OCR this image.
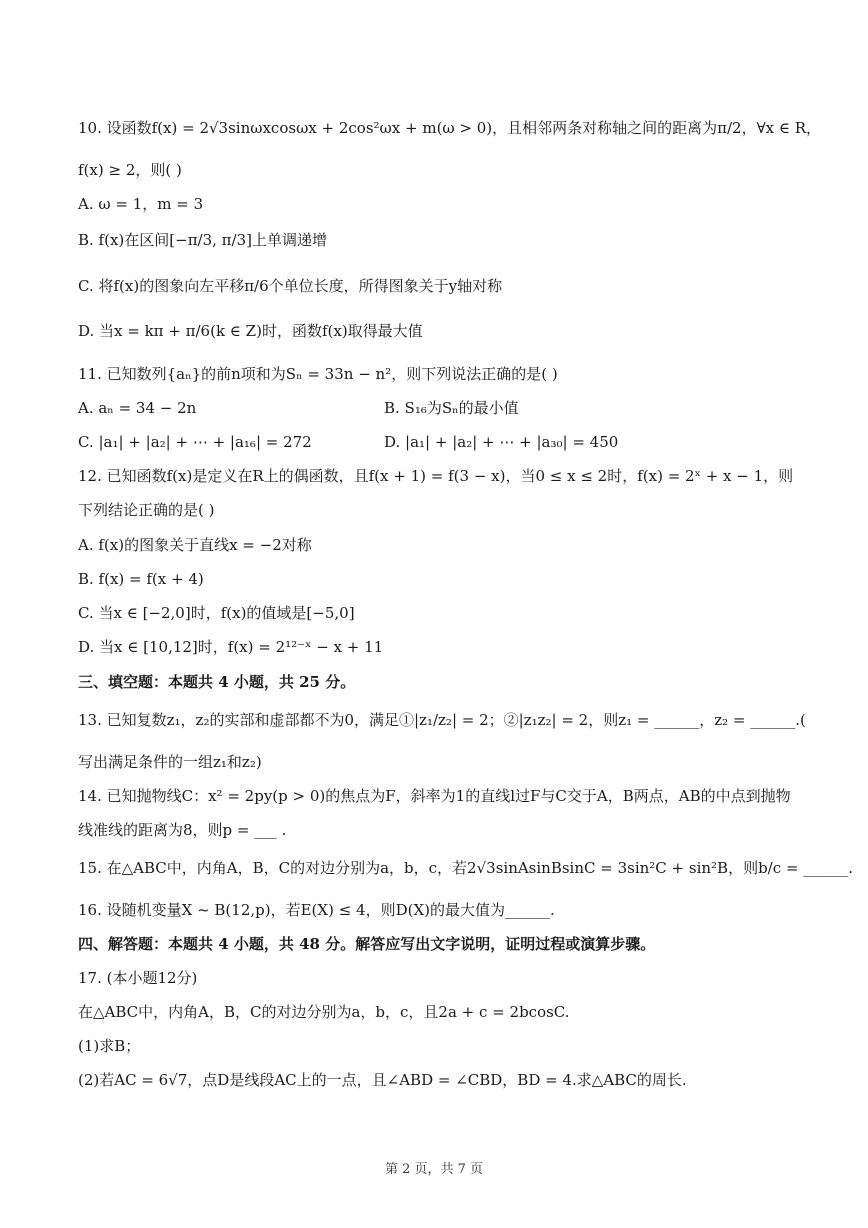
10. 设函数f(x) = 2√3sinωxcosωx + 2cos²ωx + m(ω > 0)，且相邻两条对称轴之间的距离为π/2，∀x ∈ R，
f(x) ≥ 2，则( )
A. ω = 1，m = 3
B. f(x)在区间[−π/3, π/3]上单调递增
C. 将f(x)的图象向左平移π/6个单位长度，所得图象关于y轴对称
D. 当x = kπ + π/6(k ∈ Z)时，函数f(x)取得最大值
11. 已知数列{aₙ}的前n项和为Sₙ = 33n − n²，则下列说法正确的是( )
A. aₙ = 34 − 2n	B. S₁₆为Sₙ的最小值
C. |a₁| + |a₂| + ⋯ + |a₁₆| = 272	D. |a₁| + |a₂| + ⋯ + |a₃₀| = 450
12. 已知函数f(x)是定义在R上的偶函数，且f(x + 1) = f(3 − x)，当0 ≤ x ≤ 2时，f(x) = 2ˣ + x − 1，则
下列结论正确的是( )
A. f(x)的图象关于直线x = −2对称
B. f(x) = f(x + 4)
C. 当x ∈ [−2,0]时，f(x)的值域是[−5,0]
D. 当x ∈ [10,12]时，f(x) = 2¹²⁻ˣ − x + 11
三、填空题：本题共 4 小题，共 25 分。
13. 已知复数z₁，z₂的实部和虚部都不为0，满足①|z₁/z₂| = 2；②|z₁z₂| = 2，则z₁ = ______，z₂ = ______.(
写出满足条件的一组z₁和z₂)
14. 已知抛物线C：x² = 2py(p > 0)的焦点为F，斜率为1的直线l过F与C交于A，B两点，AB的中点到抛物
线准线的距离为8，则p = ___ .
15. 在△ABC中，内角A，B，C的对边分别为a，b，c，若2√3sinAsinBsinC = 3sin²C + sin²B，则b/c = ______.
16. 设随机变量X ~ B(12,p)，若E(X) ≤ 4，则D(X)的最大值为______.
四、解答题：本题共 4 小题，共 48 分。解答应写出文字说明，证明过程或演算步骤。
17. (本小题12分)
在△ABC中，内角A，B，C的对边分别为a，b，c，且2a + c = 2bcosC.
(1)求B；
(2)若AC = 6√7，点D是线段AC上的一点，且∠ABD = ∠CBD，BD = 4.求△ABC的周长.
第 2 页，共 7 页
